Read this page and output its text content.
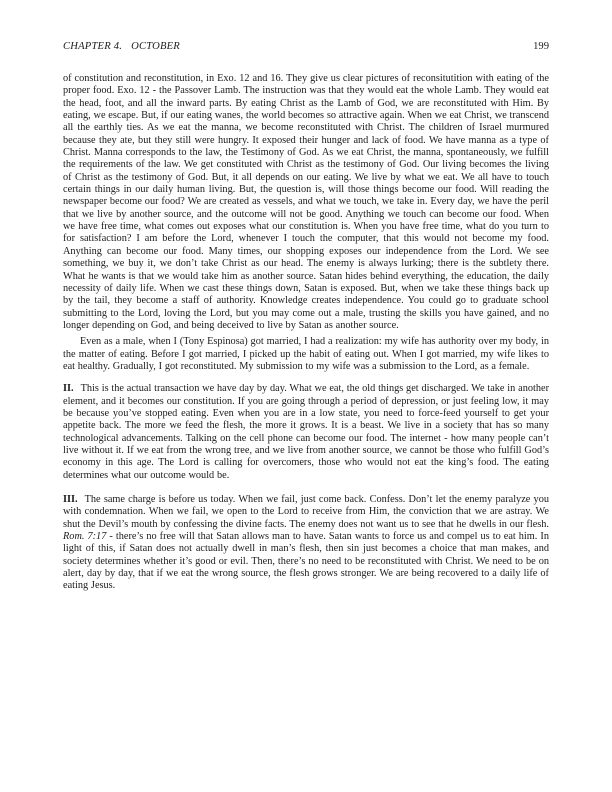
CHAPTER 4. OCTOBER	199

of constitution and reconstitution, in Exo. 12 and 16. They give us clear pictures of reconsitutition with eating of the proper food. Exo. 12 - the Passover Lamb. The instruction was that they would eat the whole Lamb. They would eat the head, foot, and all the inward parts. By eating Christ as the Lamb of God, we are reconstituted with Him. By eating, we escape. But, if our eating wanes, the world becomes so attractive again. When we eat Christ, we transcend all the earthly ties. As we eat the manna, we become reconstituted with Christ. The children of Israel murmured because they ate, but they still were hungry. It exposed their hunger and lack of food. We have manna as a type of Christ. Manna corresponds to the law, the Testimony of God. As we eat Christ, the manna, spontaneously, we fulfill the requirements of the law. We get constituted with Christ as the testimony of God. Our living becomes the living of Christ as the testimony of God. But, it all depends on our eating. We live by what we eat. We all have to touch certain things in our daily human living. But, the question is, will those things become our food. Will reading the newspaper become our food? We are created as vessels, and what we touch, we take in. Every day, we have the peril that we live by another source, and the outcome will not be good. Anything we touch can become our food. When we have free time, what comes out exposes what our constitution is. When you have free time, what do you turn to for satisfaction? I am before the Lord, whenever I touch the computer, that this would not become my food. Anything can become our food. Many times, our shopping exposes our independence from the Lord. We see something, we buy it, we don’t take Christ as our head. The enemy is always lurking; there is the subtlety there. What he wants is that we would take him as another source. Satan hides behind everything, the education, the daily necessity of daily life. When we cast these things down, Satan is exposed. But, when we take these things back up by the tail, they become a staff of authority. Knowledge creates independence. You could go to graduate school submitting to the Lord, loving the Lord, but you may come out a male, trusting the skills you have gained, and no longer depending on God, and being deceived to live by Satan as another source.

Even as a male, when I (Tony Espinosa) got married, I had a realization: my wife has authority over my body, in the matter of eating. Before I got married, I picked up the habit of eating out. When I got married, my wife likes to eat healthy. Gradually, I got reconstituted. My submission to my wife was a submission to the Lord, as a female.

II. This is the actual transaction we have day by day. What we eat, the old things get discharged. We take in another element, and it becomes our constitution. If you are going through a period of depression, or just feeling low, it may be because you’ve stopped eating. Even when you are in a low state, you need to force-feed yourself to get your appetite back. The more we feed the flesh, the more it grows. It is a beast. We live in a society that has so many technological advancements. Talking on the cell phone can become our food. The internet - how many people can’t live without it. If we eat from the wrong tree, and we live from another source, we cannot be those who fulfill God’s economy in this age. The Lord is calling for overcomers, those who would not eat the king’s food. The eating determines what our outcome would be.

III. The same charge is before us today. When we fail, just come back. Confess. Don’t let the enemy paralyze you with condemnation. When we fail, we open to the Lord to receive from Him, the conviction that we are astray. We shut the Devil’s mouth by confessing the divine facts. The enemy does not want us to see that he dwells in our flesh. Rom. 7:17 - there’s no free will that Satan allows man to have. Satan wants to force us and compel us to eat him. In light of this, if Satan does not actually dwell in man’s flesh, then sin just becomes a choice that man makes, and society determines whether it’s good or evil. Then, there’s no need to be reconstituted with Christ. We need to be on alert, day by day, that if we eat the wrong source, the flesh grows stronger. We are being recovered to a daily life of eating Jesus.
